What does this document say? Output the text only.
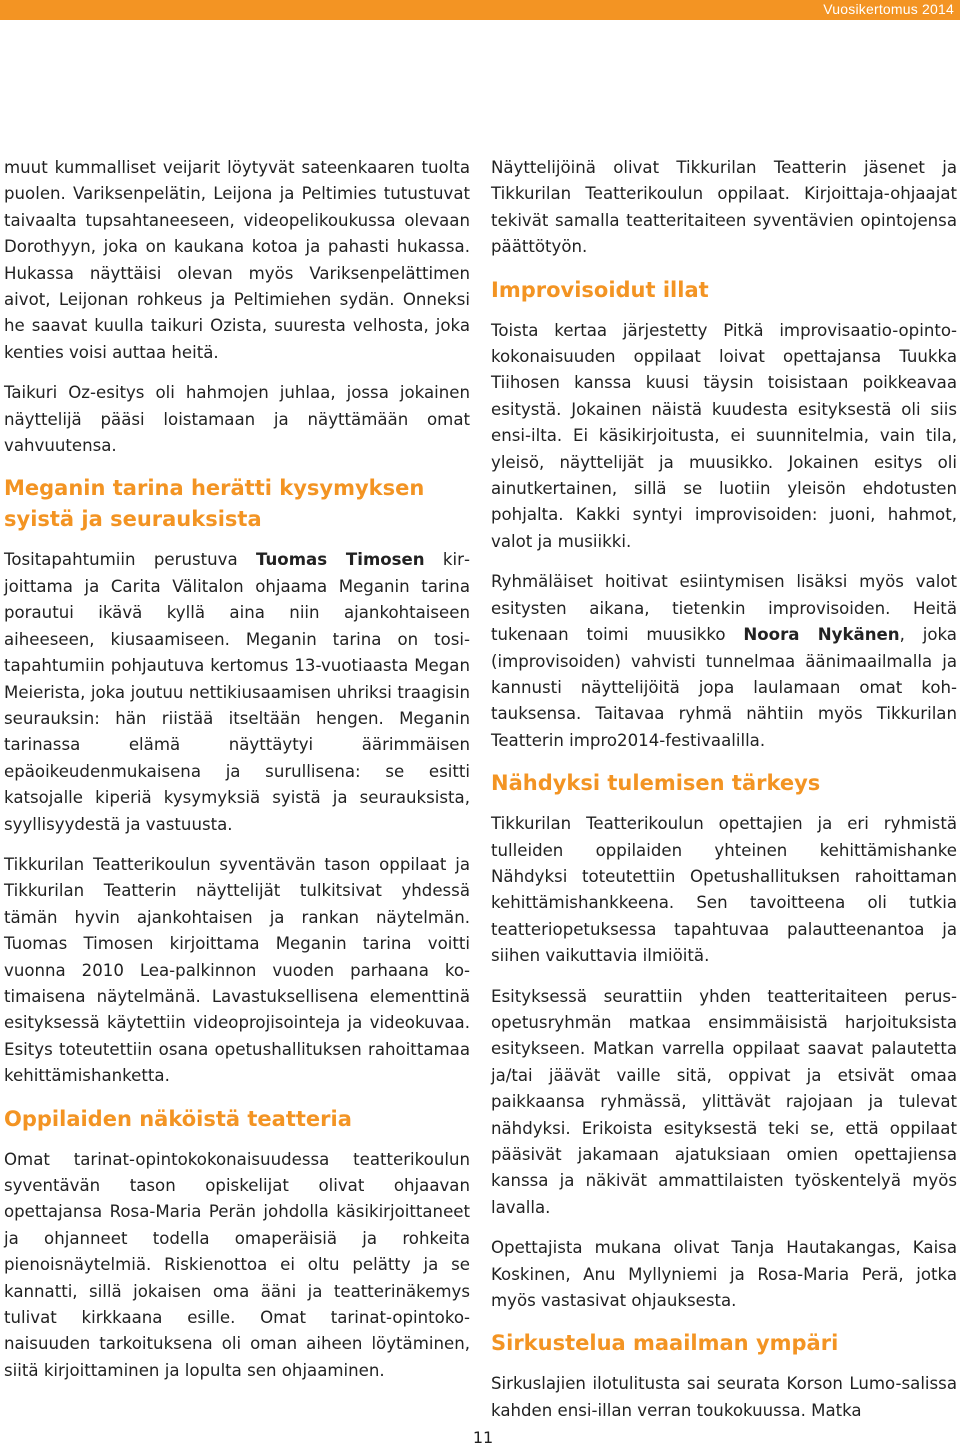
Vuosikertomus 2014

muut kummalliset veijarit löytyvät sateenkaaren tuolta puolen. Variksenpelätin, Leijona ja Peltimies tutustuvat taivaalta tupsahtaneeseen, videopelikoukussa olevaan Dorothyyn, joka on kaukana kotoa ja pahasti hukassa. Hukassa näyttäisi olevan myös Variksenpelättimen aivot, Leijonan rohkeus ja Peltimiehen sydän. Onneksi he saavat kuulla taikuri Ozista, suuresta velhosta, joka kenties voisi auttaa heitä.

Taikuri Oz-esitys oli hahmojen juhlaa, jossa jokainen näyttelijä pääsi loistamaan ja näyttämään omat vahvuutensa.

Meganin tarina herätti kysymyksen syistä ja seurauksista

Tositapahtumiin perustuva Tuomas Timosen kirjoittama ja Carita Välitalon ohjaama Meganin tarina porautui ikävä kyllä aina niin ajankohtaiseen aiheeseen, kiusaamiseen. Meganin tarina on tositapahtumiin pohjautuva kertomus 13-vuotiaasta Megan Meierista, joka joutuu nettikiusaamisen uhriksi traagisin seurauksin: hän riistää itseltään hengen. Meganin tarinassa elämä näyttäytyi äärimmäisen epäoikeudenmukaisena ja surullisena: se esitti katsojalle kiperiä kysymyksiä syistä ja seurauksista, syyllisyydestä ja vastuusta.

Tikkurilan Teatterikoulun syventävän tason oppilaat ja Tikkurilan Teatterin näyttelijät tulkitsivat yhdessä tämän hyvin ajankohtaisen ja rankan näytelmän. Tuomas Timosen kirjoittama Meganin tarina voitti vuonna 2010 Lea-palkinnon vuoden parhaana kotimaisena näytelmänä. Lavastuksellisena elementtinä esityksessä käytettiin videoprojisointeja ja videokuvaa. Esitys toteutettiin osana opetushallituksen rahoittamaa kehittämishanketta.

Oppilaiden näköistä teatteria

Omat tarinat-opintokokonaisuudessa teatterikoulun syventävän tason opiskelijat olivat ohjaavan opettajansa Rosa-Maria Perän johdolla käsikirjoittaneet ja ohjanneet todella omaperäisiä ja rohkeita pienoisnäytelmiä. Riskienottoa ei oltu pelätty ja se kannatti, sillä jokaisen oma ääni ja teatterinäkemys tulivat kirkkaana esille. Omat tarinat-opintokonaisuuden tarkoituksena oli oman aiheen löytäminen, siitä kirjoittaminen ja lopulta sen ohjaaminen.

Näyttelijöinä olivat Tikkurilan Teatterin jäsenet ja Tikkurilan Teatterikoulun oppilaat. Kirjoittaja-ohjaajat tekivät samalla teatteritaiteen syventävien opintojensa päättötyön.

Improvisoidut illat

Toista kertaa järjestetty Pitkä improvisaatio-opintokokonaisuuden oppilaat loivat opettajansa Tuukka Tiihosen kanssa kuusi täysin toisistaan poikkeavaa esitystä. Jokainen näistä kuudesta esityksestä oli siis ensi-ilta. Ei käsikirjoitusta, ei suunnitelmia, vain tila, yleisö, näyttelijät ja muusikko. Jokainen esitys oli ainutkertainen, sillä se luotiin yleisön ehdotusten pohjalta. Kakki syntyi improvisoiden: juoni, hahmot, valot ja musiikki.

Ryhmäläiset hoitivat esiintymisen lisäksi myös valot esitysten aikana, tietenkin improvisoiden. Heitä tukenaan toimi muusikko Noora Nykänen, joka (improvisoiden) vahvisti tunnelmaa äänimaailmalla ja kannusti näyttelijöitä jopa laulamaan omat kohtauksensa. Taitavaa ryhmä nähtiin myös Tikkurilan Teatterin impro2014-festivaalilla.

Nähdyksi tulemisen tärkeys

Tikkurilan Teatterikoulun opettajien ja eri ryhmistä tulleiden oppilaiden yhteinen kehittämishanke Nähdyksi toteutettiin Opetushallituksen rahoittaman kehittämishankkeena. Sen tavoitteena oli tutkia teatteriopetuksessa tapahtuvaa palautteenantoa ja siihen vaikuttavia ilmiöitä.

Esityksessä seurattiin yhden teatteritaiteen perusopetusryhmän matkaa ensimmäisistä harjoituksista esitykseen. Matkan varrella oppilaat saavat palautetta ja/tai jäävät vaille sitä, oppivat ja etsivät omaa paikkaansa ryhmässä, ylittävät rajojaan ja tulevat nähdyksi. Erikoista esityksestä teki se, että oppilaat pääsivät jakamaan ajatuksiaan omien opettajiensa kanssa ja näkivät ammattilaisten työskentelyä myös lavalla.

Opettajista mukana olivat Tanja Hautakangas, Kaisa Koskinen, Anu Myllyniemi ja Rosa-Maria Perä, jotka myös vastasivat ohjauksesta.

Sirkustelua maailman ympäri

Sirkuslajien ilotulitusta sai seurata Korson Lumo-salissa kahden ensi-illan verran toukokuussa. Matka

11
